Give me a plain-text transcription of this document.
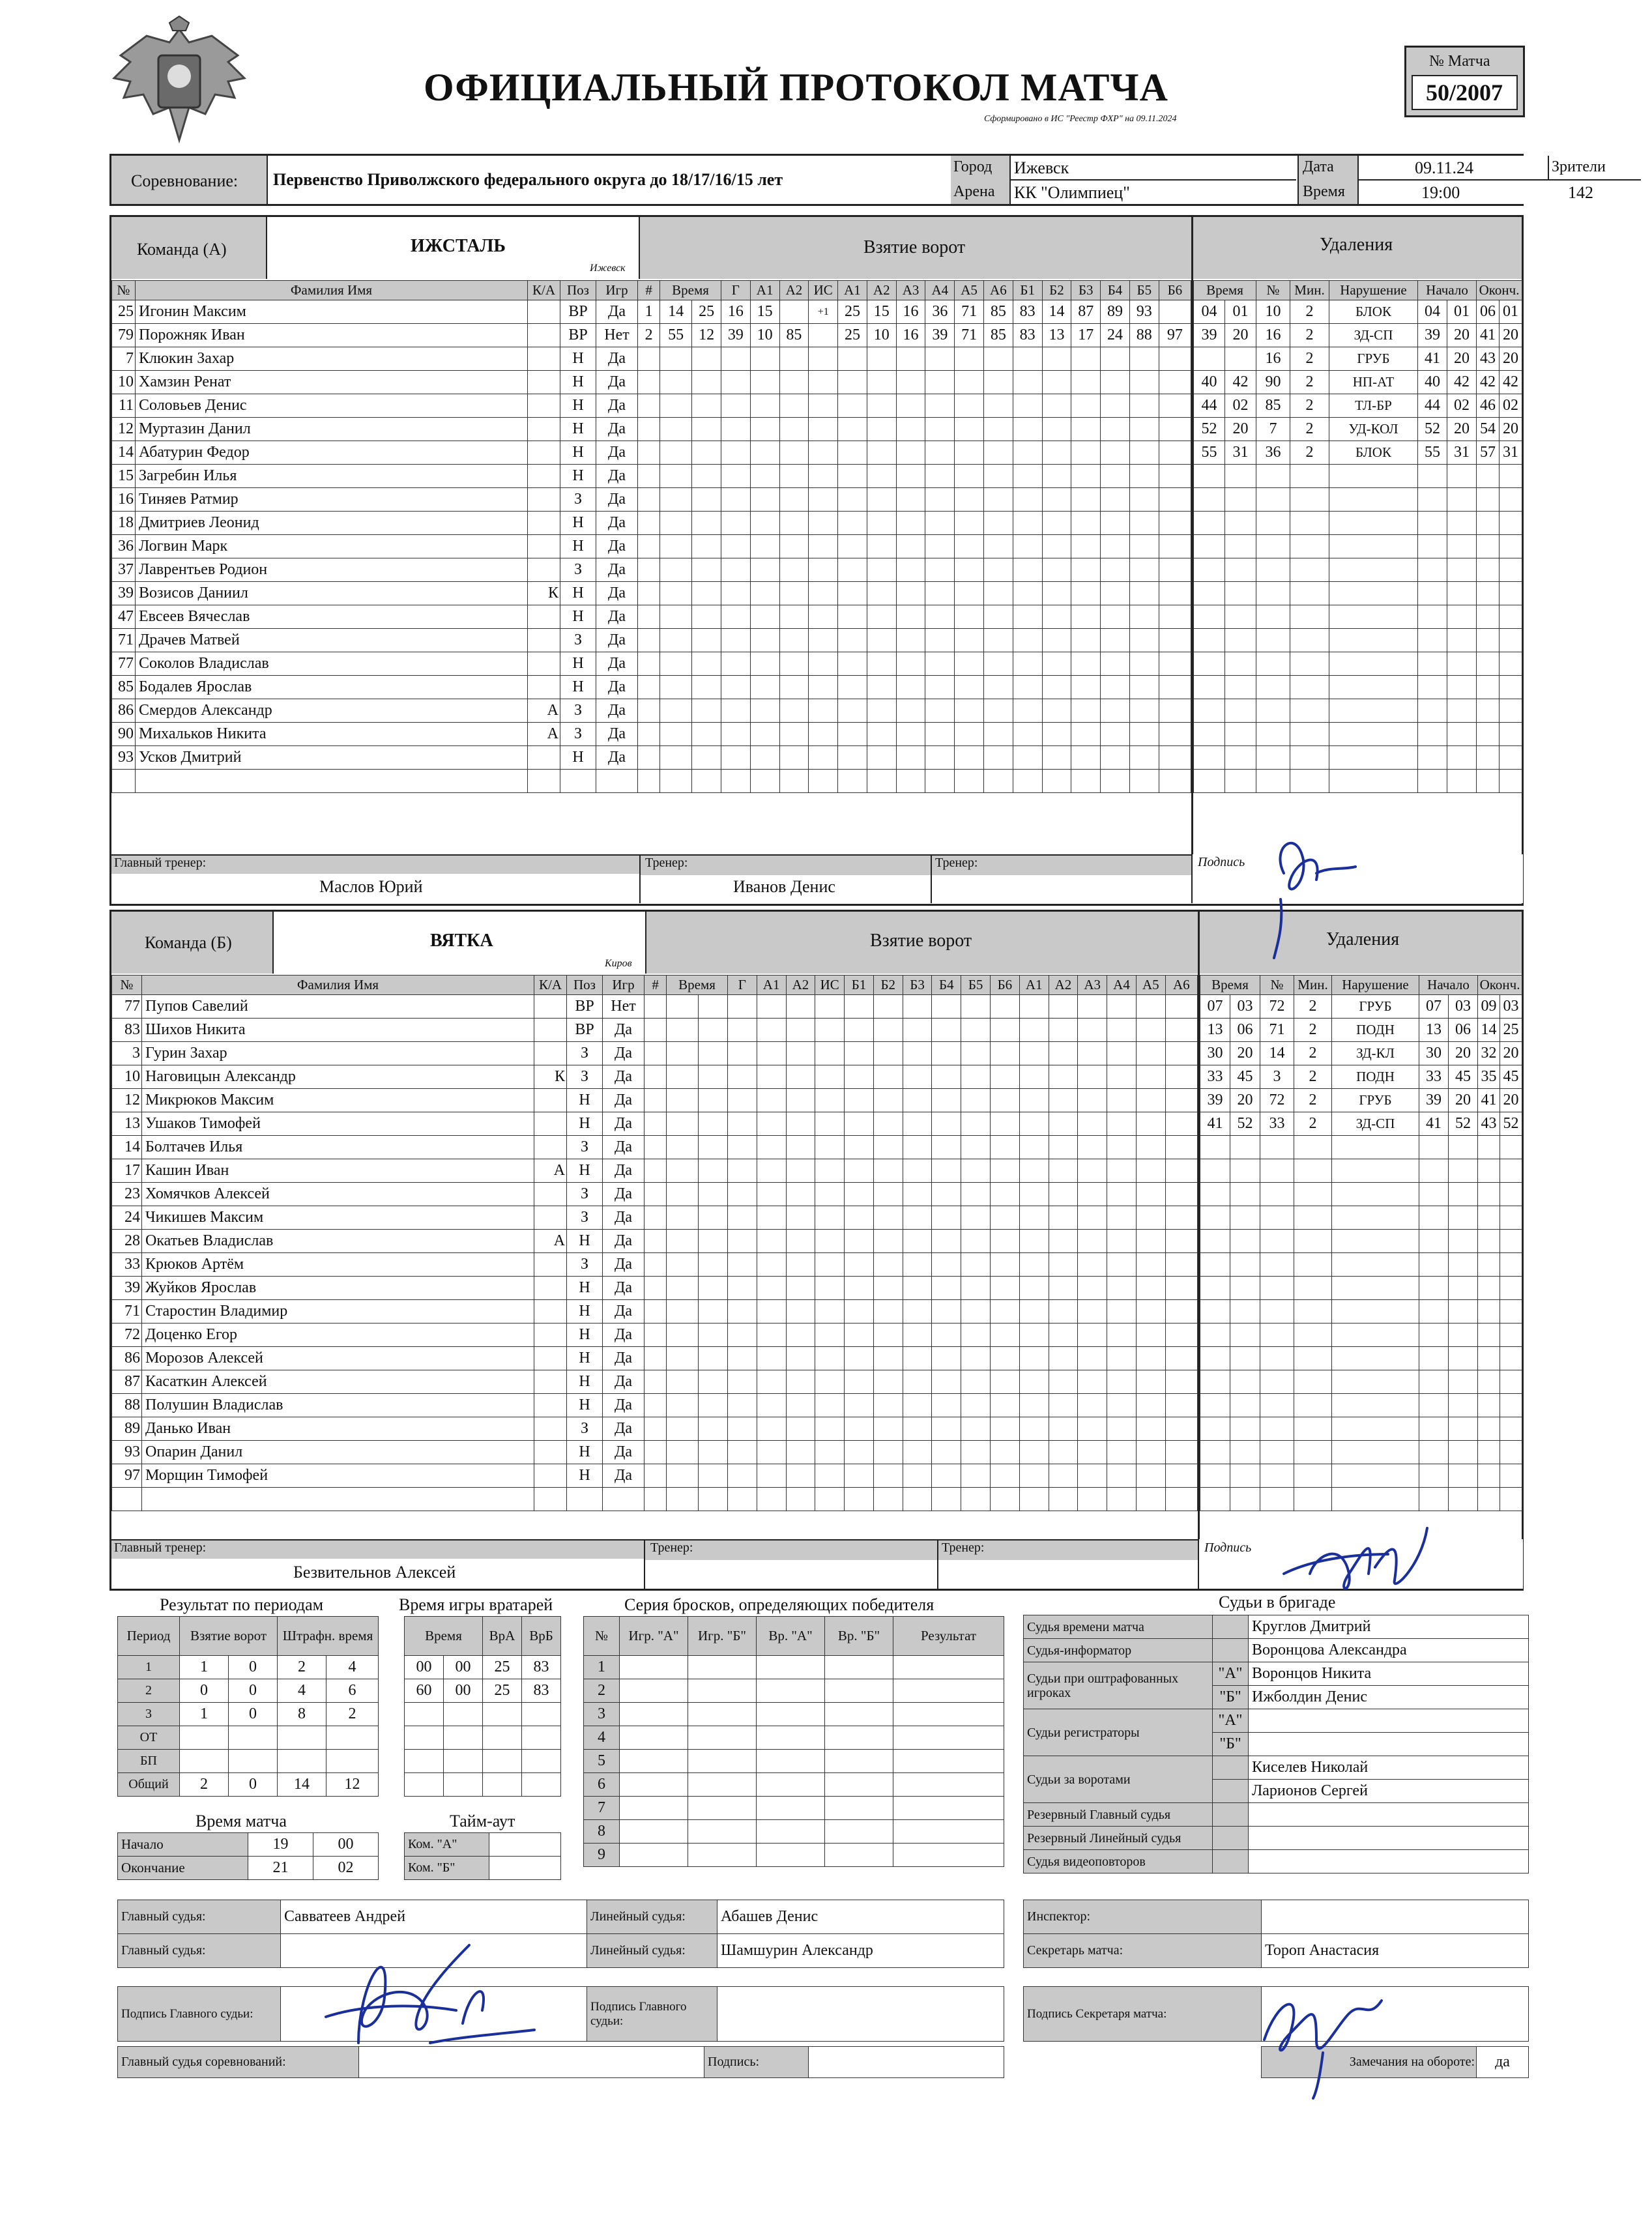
ОФИЦИАЛЬНЫЙ ПРОТОКОЛ МАТЧА
Сформировано в ИС "Реестр ФХР" на 09.11.2024
№ Матча
50/2007
Соревнование: Первенство Приволжского федерального округа до 18/17/16/15 лет
Город
Арена
Ижевск
КК "Олимпиец"
Дата
Время
09.11.24
19:00
Зрители
142
Команда (А)	ИЖСТАЛЬ
Ижевск
Взятие ворот	Удаления
№	Фамилия Имя	К/А	Поз	Игр
25	Игонин Максим		ВР	Да
79	Порожняк Иван		ВР	Нет
7	Клюкин Захар		Н	Да
10	Хамзин Ренат		Н	Да
11	Соловьев Денис		Н	Да
12	Муртазин Данил		Н	Да
14	Абатурин Федор		Н	Да
15	Загребин Илья		Н	Да
16	Тиняев Ратмир		З	Да
18	Дмитриев Леонид		Н	Да
36	Логвин Марк		Н	Да
37	Лаврентьев Родион		З	Да
39	Возисов Даниил	К	Н	Да
47	Евсеев Вячеслав		Н	Да
71	Драчев Матвей		З	Да
77	Соколов Владислав		Н	Да
85	Бодалев Ярослав		Н	Да
86	Смердов Александр	А	З	Да
90	Михальков Никита	А	З	Да
93	Усков Дмитрий		Н	Да

#	Время		Г	А1	А2	ИС	А1	А2	А3	А4	А5	А6	Б1	Б2	Б3	Б4	Б5	Б6
1	14	25	16	15		+1	25	15	16	36	71	85	83	14	87	89	93	
2	55	12	39	10	85		25	10	16	39	71	85	83	13	17	24	88	97

Время		№	Мин.	Нарушение	Начало		Оконч.	
04	01	10	2	БЛОК	04	01	06	01
39	20	16	2	ЗД-СП	39	20	41	20
		16	2	ГРУБ	41	20	43	20
40	42	90	2	НП-АТ	40	42	42	42
44	02	85	2	ТЛ-БР	44	02	46	02
52	20	7	2	УД-КОЛ	52	20	54	20
55	31	36	2	БЛОК	55	31	57	31

Главный тренер:
Маслов Юрий
Тренер:
Иванов Денис
Тренер:	Подпись
Команда (Б)	ВЯТКА
Киров
Взятие ворот	Удаления
№	Фамилия Имя	К/А	Поз	Игр
77	Пупов Савелий		ВР	Нет
83	Шихов Никита		ВР	Да
3	Гурин Захар		З	Да
10	Наговицын Александр	К	З	Да
12	Микрюков Максим		Н	Да
13	Ушаков Тимофей		Н	Да
14	Болтачев Илья		З	Да
17	Кашин Иван	А	Н	Да
23	Хомячков Алексей		З	Да
24	Чикишев Максим		З	Да
28	Окатьев Владислав	А	Н	Да
33	Крюков Артём		З	Да
39	Жуйков Ярослав		Н	Да
71	Старостин Владимир		Н	Да
72	Доценко Егор		Н	Да
86	Морозов Алексей		Н	Да
87	Касаткин Алексей		Н	Да
88	Полушин Владислав		Н	Да
89	Данько Иван		З	Да
93	Опарин Данил		Н	Да
97	Морщин Тимофей		Н	Да

#	Время		Г	А1	А2	ИС	Б1	Б2	Б3	Б4	Б5	Б6	А1	А2	А3	А4	А5	А6

																		Время		№	Мин.	Нарушение	Начало		Оконч.	
07	03	72	2	ГРУБ	07	03	09	03
13	06	71	2	ПОДН	13	06	14	25
30	20	14	2	ЗД-КЛ	30	20	32	20
33	45	3	2	ПОДН	33	45	35	45
39	20	72	2	ГРУБ	39	20	41	20
41	52	33	2	ЗД-СП	41	52	43	52

Главный тренер:
Безвительнов Алексей
Тренер:	Тренер:	Подпись
Результат по периодам
Период	Взятие ворот		Штрафн. время	
1	1	0	2	4
2	0	0	4	6
3	1	0	8	2
ОТ				
БП				
Общий	2	0	14	12
Время игры вратарей
Время		ВрА	ВрБ
00	00	25	83
60	00	25	83

Время матча
Начало	19	00
Окончание	21	02
Тайм-аут
Ком. "А"	
Ком. "Б"	
Серия бросков, определяющих победителя
№	Игр. "А"	Игр. "Б"	Вр. "А"	Вр. "Б"	Результат
1					
2					
3					
4					
5					
6					
7					
8					
9					
Судьи в бригаде
Судья времени матча		Круглов Дмитрий
Судья-информатор		Воронцова Александра
Судьи при оштрафованных игроках	"А"	Воронцов Никита
	"Б"	Ижболдин Денис
Судьи регистраторы	"А"	
	"Б"	
Судьи за воротами		Киселев Николай
		Ларионов Сергей
Резервный Главный судья		
Резервный Линейный судья		
Судья видеоповторов		
Главный судья:	Савватеев Андрей	Линейный судья:	Абашев Денис
Главный судья:		Линейный судья:	Шамшурин Александр
Инспектор:	
Секретарь матча:	Тороп Анастасия
Подпись Главного судьи:		Подпись Главного судьи:	
Подпись Секретаря матча:	
Главный судья соревнований:		Подпись:		Замечания на обороте:	да
